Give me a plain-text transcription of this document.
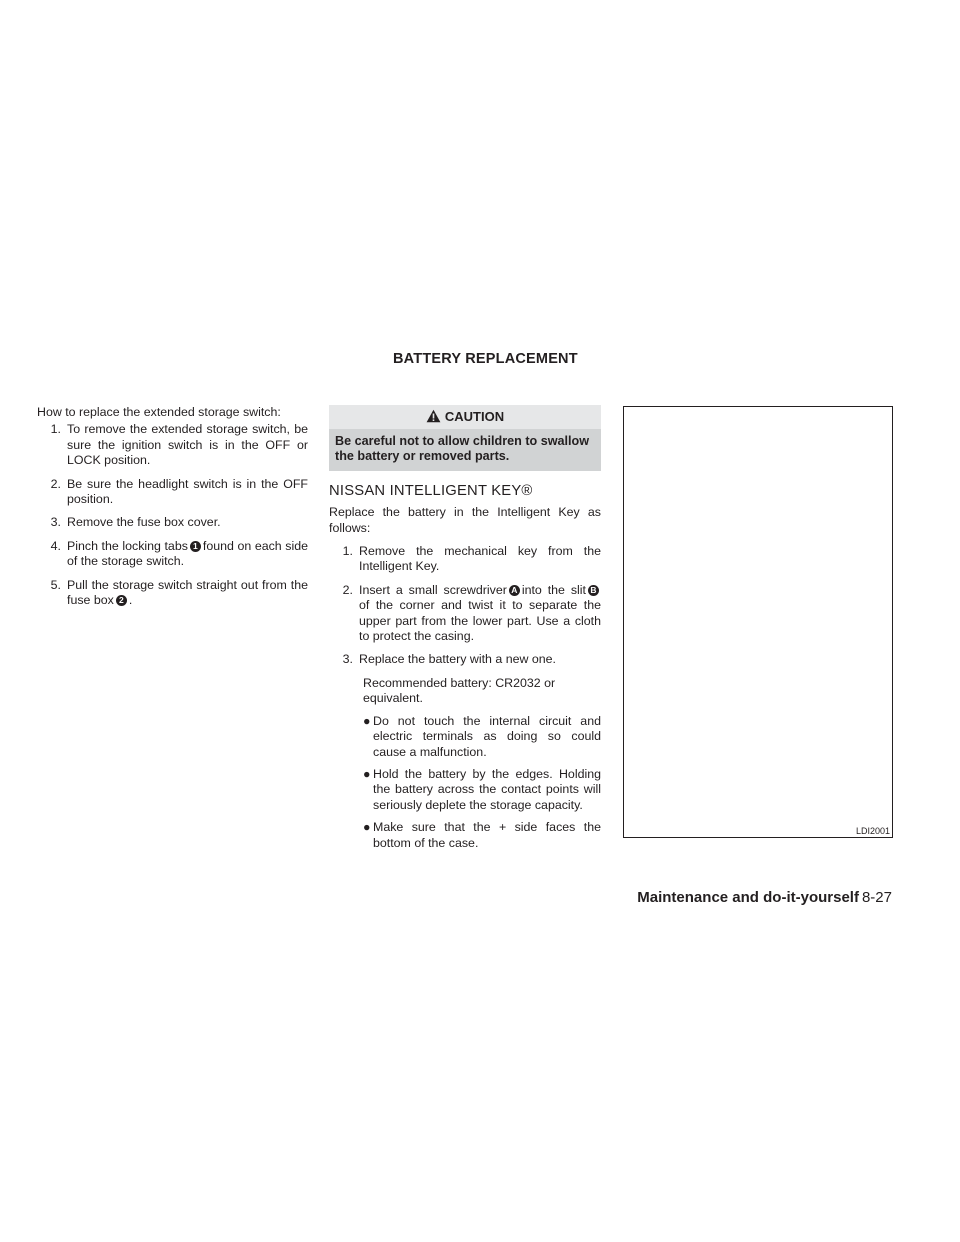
BATTERY REPLACEMENT

How to replace the extended storage switch:

1. To remove the extended storage switch, be sure the ignition switch is in the OFF or LOCK position.
2. Be sure the headlight switch is in the OFF position.
3. Remove the fuse box cover.
4. Pinch the locking tabs 1 found on each side of the storage switch.
5. Pull the storage switch straight out from the fuse box 2 .
CAUTION
Be careful not to allow children to swallow the battery or removed parts.
NISSAN INTELLIGENT KEY®

Replace the battery in the Intelligent Key as follows:

1. Remove the mechanical key from the Intelligent Key.
2. Insert a small screwdriver A into the slit B of the corner and twist it to separate the upper part from the lower part. Use a cloth to protect the casing.
3. Replace the battery with a new one.

Recommended battery: CR2032 or equivalent.

● Do not touch the internal circuit and electric terminals as doing so could cause a malfunction.
● Hold the battery by the edges. Holding the battery across the contact points will seriously deplete the storage capacity.
● Make sure that the + side faces the bottom of the case.
LDI2001
Maintenance and do-it-yourself 8-27
